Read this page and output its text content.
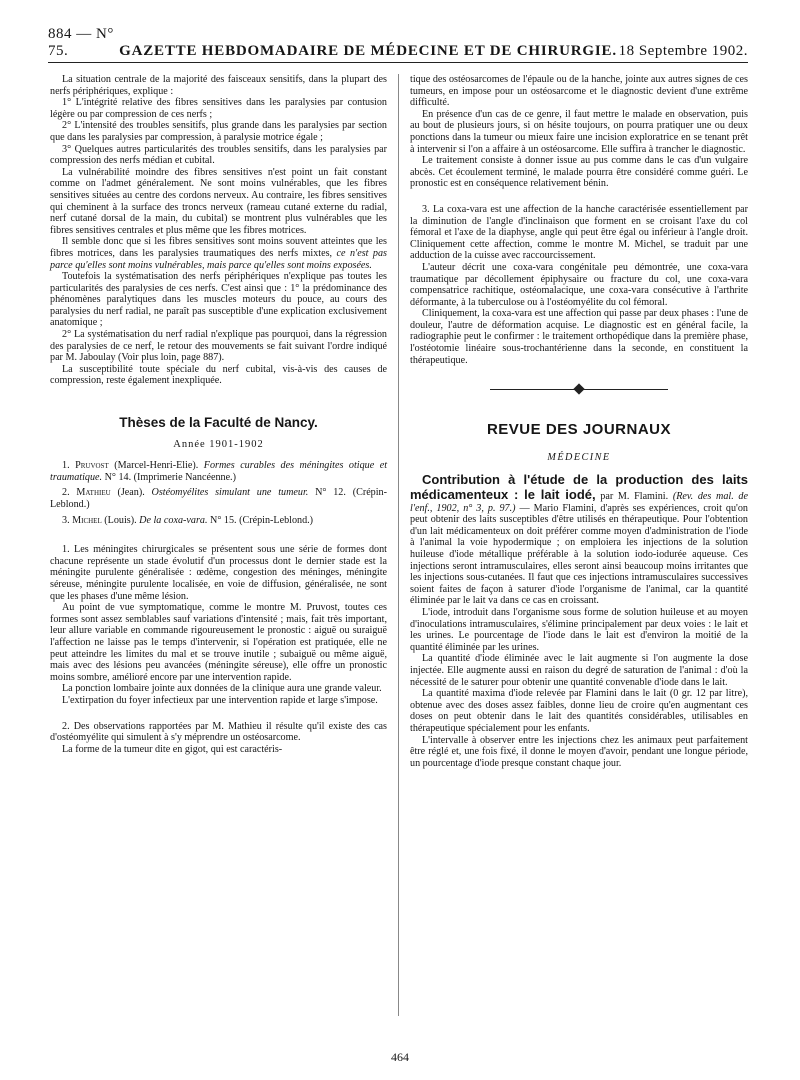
884 — N° 75.	GAZETTE HEBDOMADAIRE DE MÉDECINE ET DE CHIRURGIE. 18 Septembre 1902.

La situation centrale de la majorité des faisceaux sensitifs, dans la plupart des nerfs périphériques, explique :

1° L'intégrité relative des fibres sensitives dans les paralysies par contusion légère ou par compression de ces nerfs ;

2° L'intensité des troubles sensitifs, plus grande dans les paralysies par section que dans les paralysies par compression, à paralysie motrice égale ;

3° Quelques autres particularités des troubles sensitifs, dans les paralysies par compression des nerfs médian et cubital.

La vulnérabilité moindre des fibres sensitives n'est point un fait constant comme on l'admet généralement. Ne sont moins vulnérables, que les fibres sensitives situées au centre des cordons nerveux. Au contraire, les fibres sensitives qui cheminent à la surface des troncs nerveux (rameau cutané externe du radial, nerf cutané dorsal de la main, du cubital) se montrent plus vulnérables que les fibres sensitives centrales et plus même que les fibres motrices.

Il semble donc que si les fibres sensitives sont moins souvent atteintes que les fibres motrices, dans les paralysies traumatiques des nerfs mixtes, ce n'est pas parce qu'elles sont moins vulnérables, mais parce qu'elles sont moins exposées.

Toutefois la systématisation des nerfs périphériques n'explique pas toutes les particularités des paralysies de ces nerfs. C'est ainsi que : 1° la prédominance des phénomènes paralytiques dans les muscles moteurs du pouce, au cours des paralysies du nerf radial, ne paraît pas susceptible d'une explication exclusivement anatomique ;

2° La systématisation du nerf radial n'explique pas pourquoi, dans la régression des paralysies de ce nerf, le retour des mouvements se fait suivant l'ordre indiqué par M. Jaboulay (Voir plus loin, page 887).

La susceptibilité toute spéciale du nerf cubital, vis-à-vis des causes de compression, reste également inexpliquée.

Thèses de la Faculté de Nancy.
Année 1901-1902

1. Pruvost (Marcel-Henri-Elie). Formes curables des méningites otique et traumatique. N° 14. (Imprimerie Nancéenne.)

2. Mathieu (Jean). Ostéomyélites simulant une tumeur. N° 12. (Crépin-Leblond.)

3. Michel (Louis). De la coxa-vara. N° 15. (Crépin-Leblond.)

1. Les méningites chirurgicales se présentent sous une série de formes dont chacune représente un stade évolutif d'un processus dont le dernier stade est la méningite purulente généralisée : œdème, congestion des méninges, méningite séreuse, méningite purulente localisée, en voie de diffusion, généralisée, ne sont que les phases d'une même lésion.

Au point de vue symptomatique, comme le montre M. Pruvost, toutes ces formes sont assez semblables sauf variations d'intensité ; mais, fait très important, leur allure variable en commande rigoureusement le pronostic : aiguë ou suraiguë l'affection ne laisse pas le temps d'intervenir, si l'opération est pratiquée, elle ne peut atteindre les limites du mal et se trouve inutile ; subaiguë ou même aiguë, mais avec des lésions peu avancées (méningite séreuse), elle offre un pronostic moins sombre, amélioré encore par une intervention rapide.

La ponction lombaire jointe aux données de la clinique aura une grande valeur.

L'extirpation du foyer infectieux par une intervention rapide et large s'impose.

2. Des observations rapportées par M. Mathieu il résulte qu'il existe des cas d'ostéomyélite qui simulent à s'y méprendre un ostéosarcome.

La forme de la tumeur dite en gigot, qui est caractéris-

tique des ostéosarcomes de l'épaule ou de la hanche, jointe aux autres signes de ces tumeurs, en impose pour un ostéosarcome et le diagnostic devient d'une extrême difficulté.

En présence d'un cas de ce genre, il faut mettre le malade en observation, puis au bout de plusieurs jours, si on hésite toujours, on pourra pratiquer une ou deux ponctions dans la tumeur ou mieux faire une incision exploratrice en se tenant prêt à intervenir si l'on a affaire à un ostéosarcome. Elle suffira à trancher le diagnostic.

Le traitement consiste à donner issue au pus comme dans le cas d'un vulgaire abcès. Cet écoulement terminé, le malade pourra être considéré comme guéri. Le pronostic est en conséquence relativement bénin.

3. La coxa-vara est une affection de la hanche caractérisée essentiellement par la diminution de l'angle d'inclinaison que forment en se croisant l'axe du col fémoral et l'axe de la diaphyse, angle qui peut être égal ou inférieur à l'angle droit. Cliniquement cette affection, comme le montre M. Michel, se traduit par une adduction de la cuisse avec raccourcissement.

L'auteur décrit une coxa-vara congénitale peu démontrée, une coxa-vara traumatique par décollement épiphysaire ou fracture du col, une coxa-vara compensatrice rachitique, ostéomalacique, une coxa-vara consécutive à l'arthrite déformante, à la tuberculose ou à l'ostéomyélite du col fémoral.

Cliniquement, la coxa-vara est une affection qui passe par deux phases : l'une de douleur, l'autre de déformation acquise. Le diagnostic est en général facile, la radiographie peut le confirmer : le traitement orthopédique dans la première phase, l'ostéotomie linéaire sous-trochantérienne dans la seconde, en constituent la thérapeutique.

REVUE DES JOURNAUX
MÉDECINE

Contribution à l'étude de la production des laits médicamenteux : le lait iodé, par M. Flamini. (Rev. des mal. de l'enf., 1902, n° 3, p. 97.) — Mario Flamini, d'après ses expériences, croit qu'on peut obtenir des laits susceptibles d'être utilisés en thérapeutique. Pour l'obtention d'un lait médicamenteux on doit préférer comme moyen d'administration de l'iode à l'animal la voie hypodermique ; on emploiera les injections de la solution huileuse d'iode métallique préférable à la solution iodo-iodurée aqueuse. Ces injections seront intramusculaires, elles seront ainsi beaucoup moins irritantes que les injections sous-cutanées. Il faut que ces injections intramusculaires successives soient faites de façon à saturer d'iode l'organisme de l'animal, car la quantité éliminée par le lait va dans ce cas en croissant.

L'iode, introduit dans l'organisme sous forme de solution huileuse et au moyen d'inoculations intramusculaires, s'élimine principalement par deux voies : le lait et les urines. Le pourcentage de l'iode dans le lait est d'environ la moitié de la quantité éliminée par les urines.

La quantité d'iode éliminée avec le lait augmente si l'on augmente la dose injectée. Elle augmente aussi en raison du degré de saturation de l'animal : d'où la nécessité de le saturer pour obtenir une quantité convenable d'iode dans le lait.

La quantité maxima d'iode relevée par Flamini dans le lait (0 gr. 12 par litre), obtenue avec des doses assez faibles, donne lieu de croire qu'en augmentant ces doses on peut obtenir dans le lait des quantités considérables, utilisables en thérapeutique spécialement pour les enfants.

L'intervalle à observer entre les injections chez les animaux peut parfaitement être réglé et, une fois fixé, il donne le moyen d'avoir, pendant une longue période, un pourcentage d'iode presque constant chaque jour.

464
